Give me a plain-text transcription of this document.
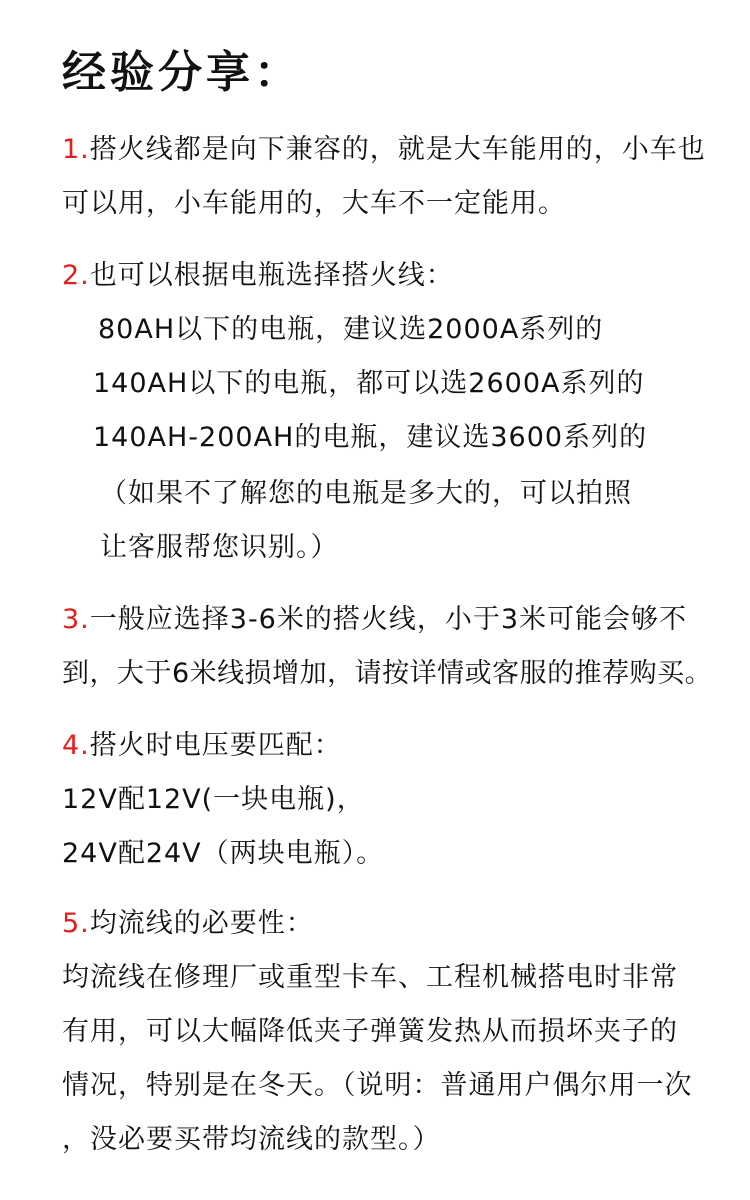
经验分享：
1.搭火线都是向下兼容的，就是大车能用的，小车也
可以用，小车能用的，大车不一定能用。
2.也可以根据电瓶选择搭火线：
80AH以下的电瓶，建议选2000A系列的
140AH以下的电瓶，都可以选2600A系列的
140AH-200AH的电瓶，建议选3600系列的
（如果不了解您的电瓶是多大的，可以拍照
让客服帮您识别。）
3.一般应选择3-6米的搭火线，小于3米可能会够不
到，大于6米线损增加，请按详情或客服的推荐购买。
4.搭火时电压要匹配：
12V配12V(一块电瓶)，
24V配24V（两块电瓶）。
5.均流线的必要性：
均流线在修理厂或重型卡车、工程机械搭电时非常
有用，可以大幅降低夹子弹簧发热从而损坏夹子的
情况，特别是在冬天。（说明：普通用户偶尔用一次
，没必要买带均流线的款型。）
